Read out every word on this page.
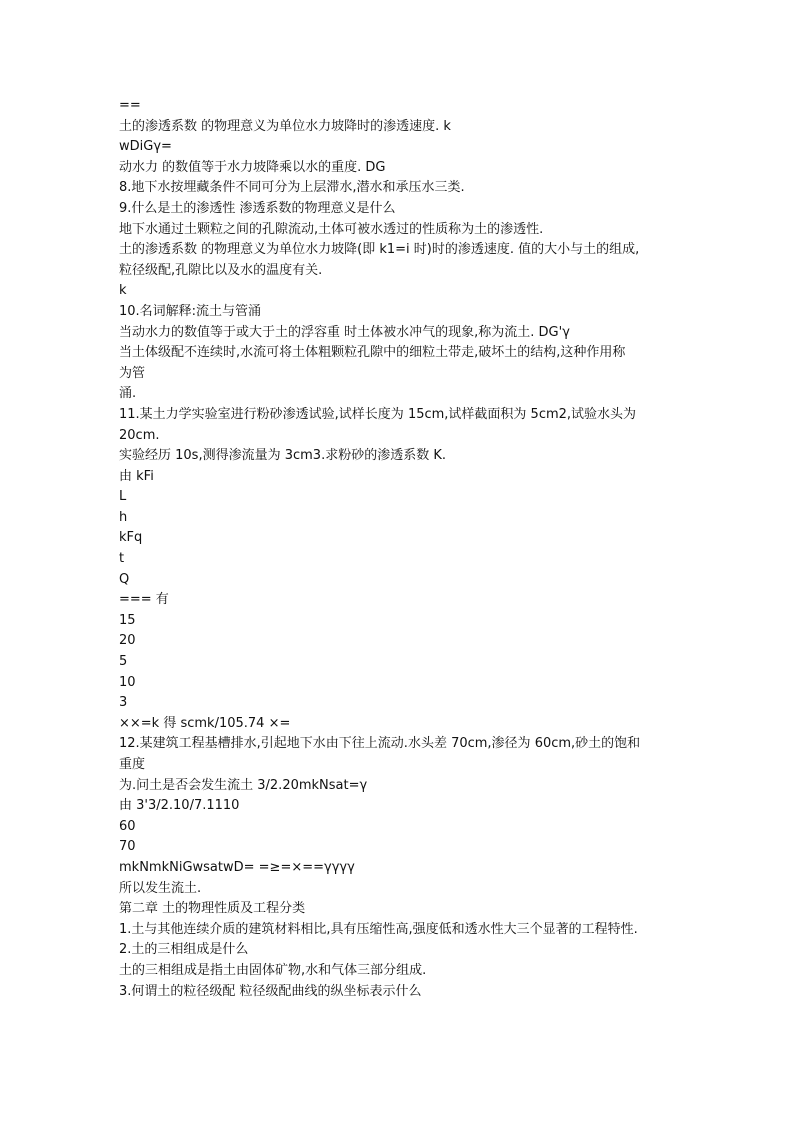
==
土的渗透系数 的物理意义为单位水力坡降时的渗透速度. k
wDiGγ=
动水力 的数值等于水力坡降乘以水的重度. DG
8.地下水按埋藏条件不同可分为上层滞水,潜水和承压水三类.
9.什么是土的渗透性 渗透系数的物理意义是什么
地下水通过土颗粒之间的孔隙流动,土体可被水透过的性质称为土的渗透性.
土的渗透系数 的物理意义为单位水力坡降(即 k1=i 时)时的渗透速度. 值的大小与土的组成,
粒径级配,孔隙比以及水的温度有关.
k
10.名词解释:流土与管涌
当动水力的数值等于或大于土的浮容重 时土体被水冲气的现象,称为流土. DG'γ
当土体级配不连续时,水流可将土体粗颗粒孔隙中的细粒土带走,破坏土的结构,这种作用称
为管
涌.
11.某土力学实验室进行粉砂渗透试验,试样长度为 15cm,试样截面积为 5cm2,试验水头为
20cm.
实验经历 10s,测得渗流量为 3cm3.求粉砂的渗透系数 K.
由 kFi
L
h
kFq
t
Q
=== 有
15
20
5
10
3
××=k 得 scmk/105.74 ×=
12.某建筑工程基槽排水,引起地下水由下往上流动.水头差 70cm,渗径为 60cm,砂土的饱和
重度
为.问土是否会发生流土 3/2.20mkNsat=γ
由 3'3/2.10/7.1110
60
70
mkNmkNiGwsatwD= =≥=×==γγγγ
所以发生流土.
第二章 土的物理性质及工程分类
1.土与其他连续介质的建筑材料相比,具有压缩性高,强度低和透水性大三个显著的工程特性.
2.土的三相组成是什么
土的三相组成是指土由固体矿物,水和气体三部分组成.
3.何谓土的粒径级配 粒径级配曲线的纵坐标表示什么
